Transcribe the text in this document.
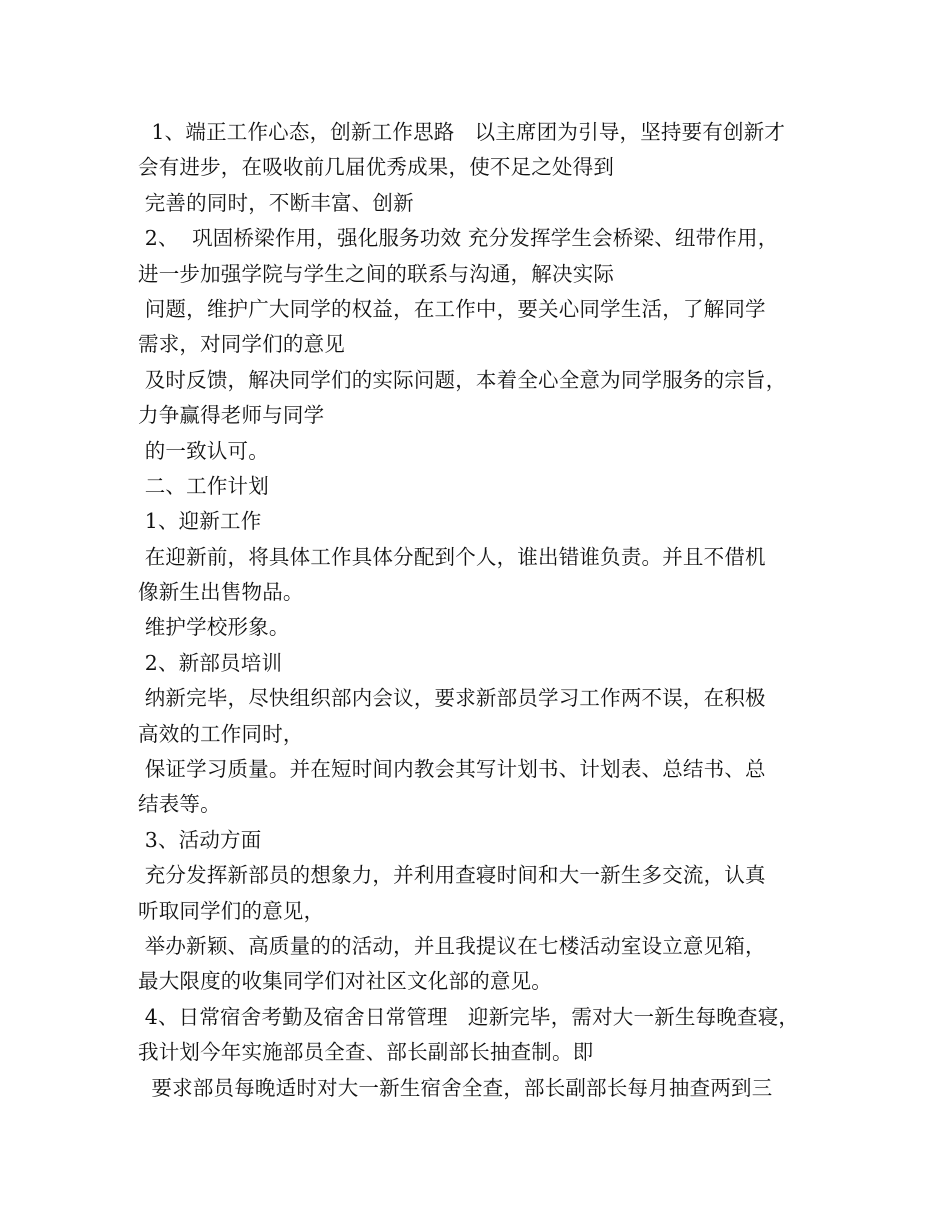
1、端正工作心态，创新工作思路   以主席团为引导，坚持要有创新才
会有进步，在吸收前几届优秀成果，使不足之处得到
完善的同时，不断丰富、创新
2、  巩固桥梁作用，强化服务功效 充分发挥学生会桥梁、纽带作用，
进一步加强学院与学生之间的联系与沟通，解决实际
问题，维护广大同学的权益，在工作中，要关心同学生活，了解同学
需求，对同学们的意见
及时反馈，解决同学们的实际问题，本着全心全意为同学服务的宗旨，
力争赢得老师与同学
的一致认可。
二、工作计划
1、迎新工作
在迎新前，将具体工作具体分配到个人，谁出错谁负责。并且不借机
像新生出售物品。
维护学校形象。
2、新部员培训
纳新完毕，尽快组织部内会议，要求新部员学习工作两不误，在积极
高效的工作同时，
保证学习质量。并在短时间内教会其写计划书、计划表、总结书、总
结表等。
3、活动方面
充分发挥新部员的想象力，并利用查寝时间和大一新生多交流，认真
听取同学们的意见，
举办新颖、高质量的的活动，并且我提议在七楼活动室设立意见箱，
最大限度的收集同学们对社区文化部的意见。
4、日常宿舍考勤及宿舍日常管理   迎新完毕，需对大一新生每晚查寝，
我计划今年实施部员全查、部长副部长抽查制。即
要求部员每晚适时对大一新生宿舍全查，部长副部长每月抽查两到三
